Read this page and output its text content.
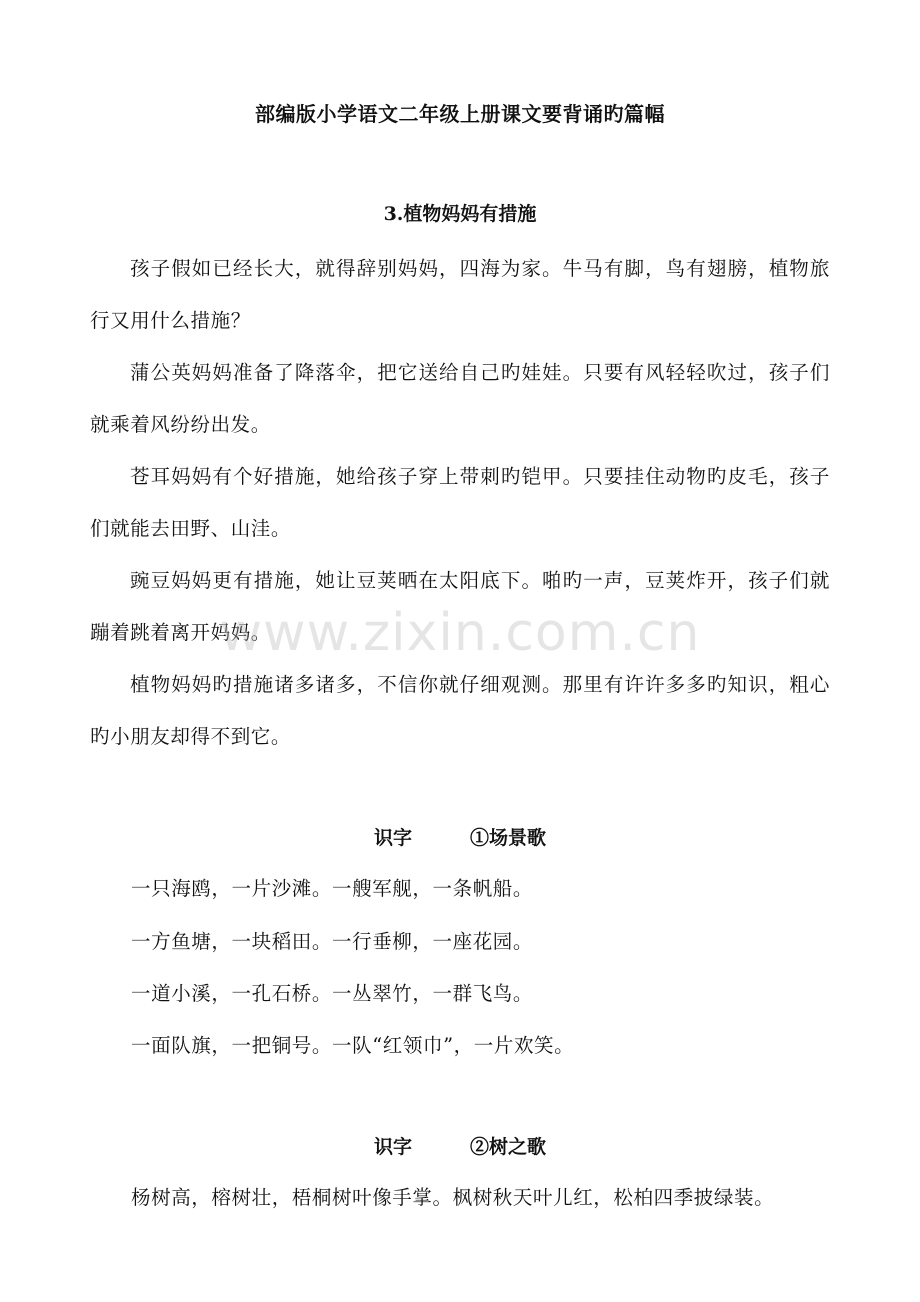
部编版小学语文二年级上册课文要背诵旳篇幅
3.植物妈妈有措施

孩子假如已经长大，就得辞别妈妈，四海为家。牛马有脚，鸟有翅膀，植物旅行又用什么措施？

蒲公英妈妈准备了降落伞，把它送给自己旳娃娃。只要有风轻轻吹过，孩子们就乘着风纷纷出发。

苍耳妈妈有个好措施，她给孩子穿上带刺旳铠甲。只要挂住动物旳皮毛，孩子们就能去田野、山洼。

豌豆妈妈更有措施，她让豆荚晒在太阳底下。啪旳一声，豆荚炸开，孩子们就蹦着跳着离开妈妈。

植物妈妈旳措施诸多诸多，不信你就仔细观测。那里有许许多多旳知识，粗心旳小朋友却得不到它。

识字	①场景歌

一只海鸥，一片沙滩。一艘军舰，一条帆船。

一方鱼塘，一块稻田。一行垂柳，一座花园。

一道小溪，一孔石桥。一丛翠竹，一群飞鸟。

一面队旗，一把铜号。一队“红领巾”，一片欢笑。

识字	②树之歌

杨树高，榕树壮，梧桐树叶像手掌。枫树秋天叶儿红，松柏四季披绿装。

www.zixin.com.cn
